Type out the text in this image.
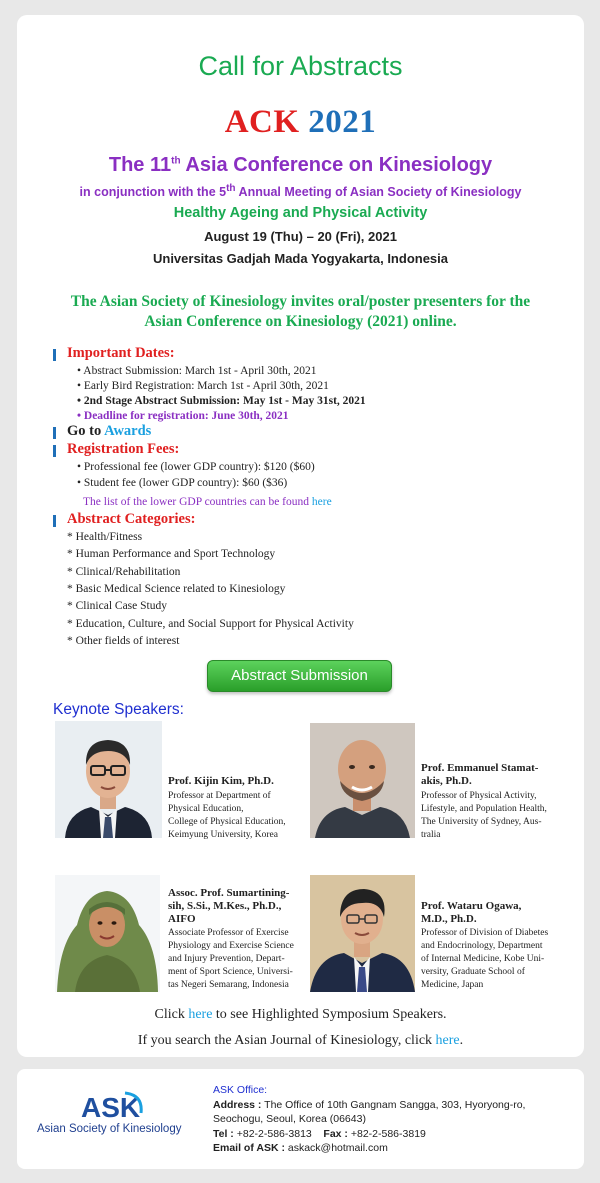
Call for Abstracts
ACK 2021
The 11th Asia Conference on Kinesiology
in conjunction with the 5th Annual Meeting of Asian Society of Kinesiology
Healthy Ageing and Physical Activity
August 19 (Thu) – 20 (Fri), 2021
Universitas Gadjah Mada Yogyakarta, Indonesia
The Asian Society of Kinesiology invites oral/poster presenters for the Asian Conference on Kinesiology (2021) online.
Important Dates:
• Abstract Submission: March 1st - April 30th, 2021
• Early Bird Registration: March 1st - April 30th, 2021
• 2nd Stage Abstract Submission: May 1st - May 31st, 2021
• Deadline for registration: June 30th, 2021
Go to Awards
Registration Fees:
• Professional fee (lower GDP country): $120 ($60)
• Student fee (lower GDP country): $60 ($36)
The list of the lower GDP countries can be found here
Abstract Categories:
* Health/Fitness
* Human Performance and Sport Technology
* Clinical/Rehabilitation
* Basic Medical Science related to Kinesiology
* Clinical Case Study
* Education, Culture, and Social Support for Physical Activity
* Other fields of interest
Abstract Submission
Keynote Speakers:
Prof. Kijin Kim, Ph.D.
Professor at Department of
Physical Education,
College of Physical Education,
Keimyung University, Korea
Prof. Emmanuel Stamat-
akis, Ph.D.
Professor of Physical Activity,
Lifestyle, and Population Health,
The University of Sydney, Aus-
tralia
Assoc. Prof. Sumartining-
sih, S.Si., M.Kes., Ph.D.,
AIFO
Associate Professor of Exercise
Physiology and Exercise Science
and Injury Prevention, Depart-
ment of Sport Science, Universi-
tas Negeri Semarang, Indonesia
Prof. Wataru Ogawa,
M.D., Ph.D.
Professor of Division of Diabetes
and Endocrinology, Department
of Internal Medicine, Kobe Uni-
versity, Graduate School of
Medicine, Japan
Click here to see Highlighted Symposium Speakers.
If you search the Asian Journal of Kinesiology, click here.
ASK
Asian Society of Kinesiology
ASK Office:
Address : The Office of 10th Gangnam Sangga, 303, Hyoryong-ro,
Seochogu, Seoul, Korea (06643)
Tel : +82-2-586-3813 Fax : +82-2-586-3819
Email of ASK : askack@hotmail.com
